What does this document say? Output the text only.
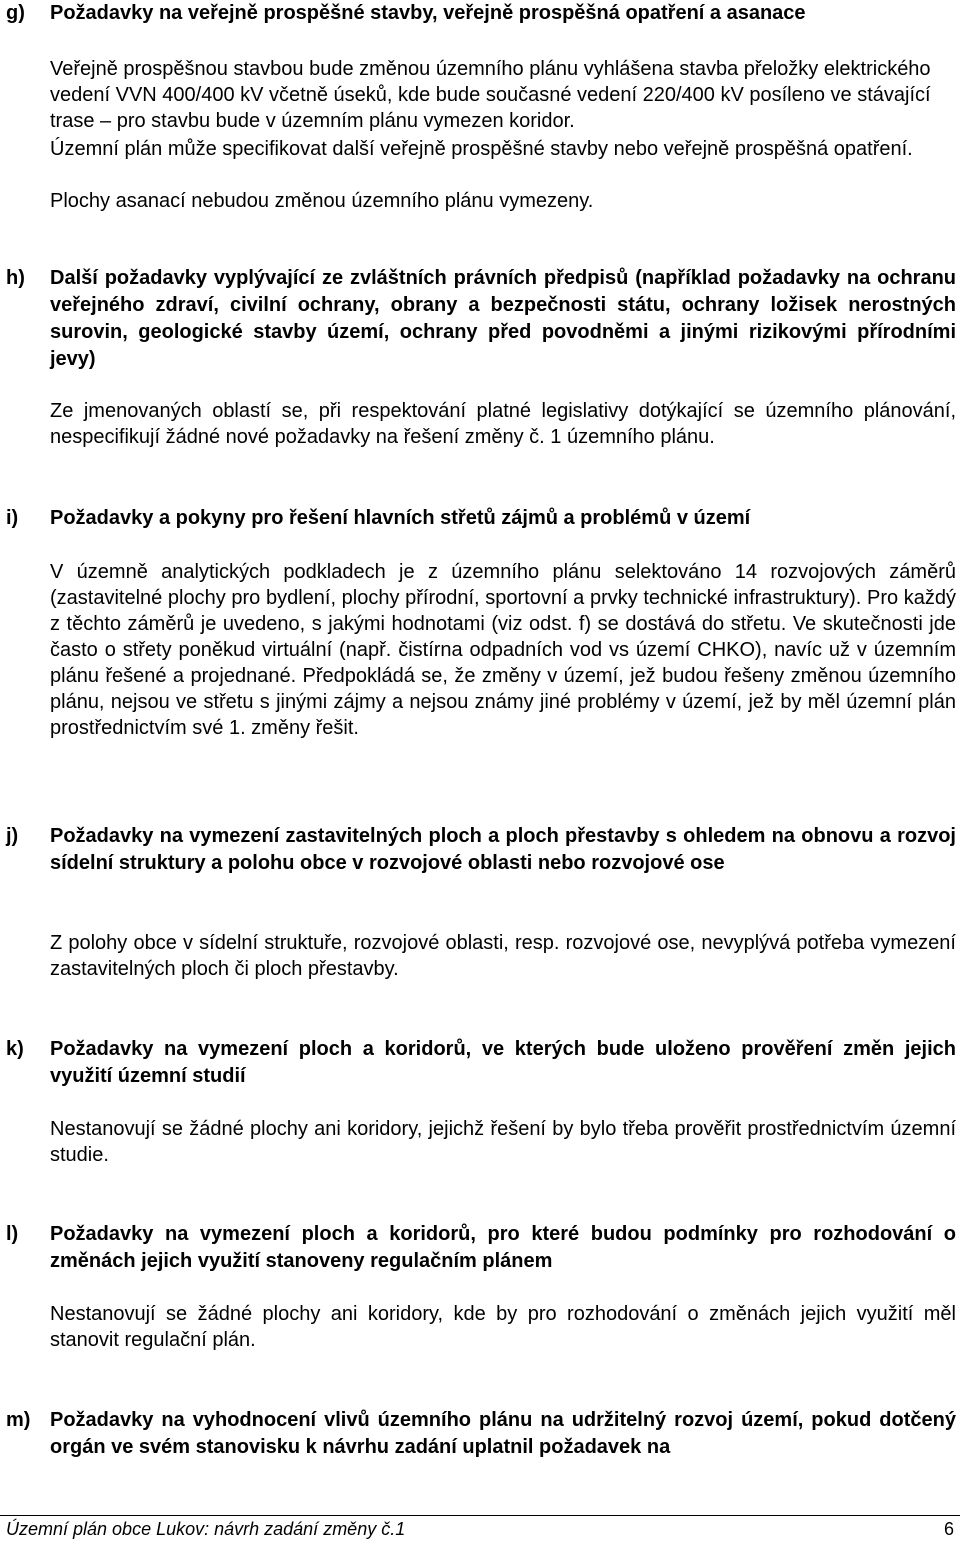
g) Požadavky na veřejně prospěšné stavby, veřejně prospěšná opatření a asanace

Veřejně prospěšnou stavbou bude změnou územního plánu vyhlášena stavba přeložky elektrického vedení VVN 400/400 kV včetně úseků, kde bude současné vedení 220/400 kV posíleno ve stávající trase – pro stavbu bude v územním plánu vymezen koridor.

Územní plán může specifikovat další veřejně prospěšné stavby nebo veřejně prospěšná opatření.

Plochy asanací nebudou změnou územního plánu vymezeny.

h) Další požadavky vyplývající ze zvláštních právních předpisů (například požadavky na ochranu veřejného zdraví, civilní ochrany, obrany a bezpečnosti státu, ochrany ložisek nerostných surovin, geologické stavby území, ochrany před povodněmi a jinými rizikovými přírodními jevy)

Ze jmenovaných oblastí se, při respektování platné legislativy dotýkající se územního plánování, nespecifikují žádné nové požadavky na řešení změny č. 1 územního plánu.

i) Požadavky a pokyny pro řešení hlavních střetů zájmů a problémů v území

V územně analytických podkladech je z územního plánu selektováno 14 rozvojových záměrů (zastavitelné plochy pro bydlení, plochy přírodní, sportovní a prvky technické infrastruktury). Pro každý z těchto záměrů je uvedeno, s jakými hodnotami (viz odst. f) se dostává do střetu. Ve skutečnosti jde často o střety poněkud virtuální (např. čistírna odpadních vod vs území CHKO), navíc už v územním plánu řešené a projednané. Předpokládá se, že změny v území, jež budou řešeny změnou územního plánu, nejsou ve střetu s jinými zájmy a nejsou známy jiné problémy v území, jež by měl územní plán prostřednictvím své 1. změny řešit.

j) Požadavky na vymezení zastavitelných ploch a ploch přestavby s ohledem na obnovu a rozvoj sídelní struktury a polohu obce v rozvojové oblasti nebo rozvojové ose

Z polohy obce v sídelní struktuře, rozvojové oblasti, resp. rozvojové ose, nevyplývá potřeba vymezení zastavitelných ploch či ploch přestavby.

k) Požadavky na vymezení ploch a koridorů, ve kterých bude uloženo prověření změn jejich využití územní studií

Nestanovují se žádné plochy ani koridory, jejichž řešení by bylo třeba prověřit prostřednictvím územní studie.

l) Požadavky na vymezení ploch a koridorů, pro které budou podmínky pro rozhodování o změnách jejich využití stanoveny regulačním plánem

Nestanovují se žádné plochy ani koridory, kde by pro rozhodování o změnách jejich využití měl stanovit regulační plán.

m) Požadavky na vyhodnocení vlivů územního plánu na udržitelný rozvoj území, pokud dotčený orgán ve svém stanovisku k návrhu zadání uplatnil požadavek na
Územní plán obce Lukov: návrh zadání změny č.1	6
